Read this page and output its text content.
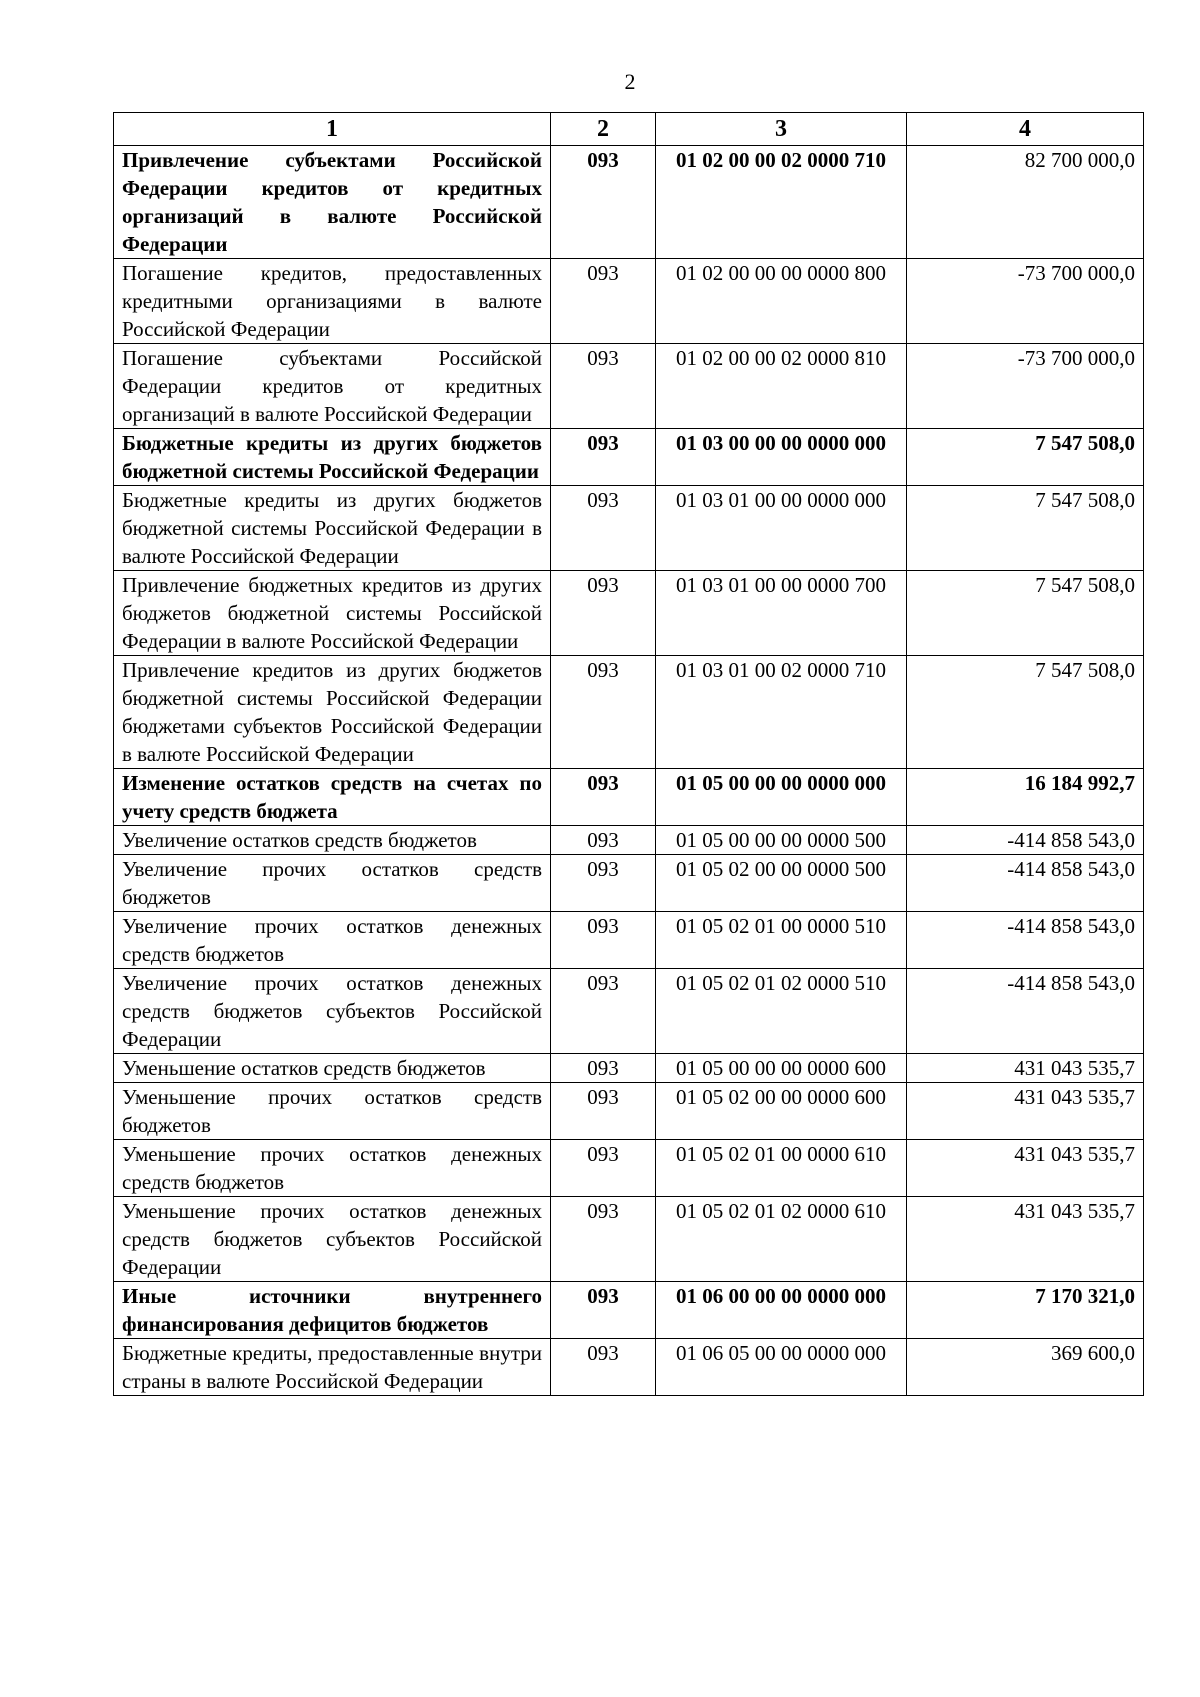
2
1	2	3	4
Привлечение субъектами Российской Федерации кредитов от кредитных организаций в валюте Российской Федерации	093	01 02 00 00 02 0000 710	82 700 000,0
Погашение кредитов, предоставленных кредитными организациями в валюте Российской Федерации	093	01 02 00 00 00 0000 800	-73 700 000,0
Погашение субъектами Российской Федерации кредитов от кредитных организаций в валюте Российской Федерации	093	01 02 00 00 02 0000 810	-73 700 000,0
Бюджетные кредиты из других бюджетов бюджетной системы Российской Федерации	093	01 03 00 00 00 0000 000	7 547 508,0
Бюджетные кредиты из других бюджетов бюджетной системы Российской Федерации в валюте Российской Федерации	093	01 03 01 00 00 0000 000	7 547 508,0
Привлечение бюджетных кредитов из других бюджетов бюджетной системы Российской Федерации в валюте Российской Федерации	093	01 03 01 00 00 0000 700	7 547 508,0
Привлечение кредитов из других бюджетов бюджетной системы Российской Федерации бюджетами субъектов Российской Федерации в валюте Российской Федерации	093	01 03 01 00 02 0000 710	7 547 508,0
Изменение остатков средств на счетах по учету средств бюджета	093	01 05 00 00 00 0000 000	16 184 992,7
Увеличение остатков средств бюджетов	093	01 05 00 00 00 0000 500	-414 858 543,0
Увеличение прочих остатков средств бюджетов	093	01 05 02 00 00 0000 500	-414 858 543,0
Увеличение прочих остатков денежных средств бюджетов	093	01 05 02 01 00 0000 510	-414 858 543,0
Увеличение прочих остатков денежных средств бюджетов субъектов Российской Федерации	093	01 05 02 01 02 0000 510	-414 858 543,0
Уменьшение остатков средств бюджетов	093	01 05 00 00 00 0000 600	431 043 535,7
Уменьшение прочих остатков средств бюджетов	093	01 05 02 00 00 0000 600	431 043 535,7
Уменьшение прочих остатков денежных средств бюджетов	093	01 05 02 01 00 0000 610	431 043 535,7
Уменьшение прочих остатков денежных средств бюджетов субъектов Российской Федерации	093	01 05 02 01 02 0000 610	431 043 535,7
Иные источники внутреннего финансирования дефицитов бюджетов	093	01 06 00 00 00 0000 000	7 170 321,0
Бюджетные кредиты, предоставленные внутри страны в валюте Российской Федерации	093	01 06 05 00 00 0000 000	369 600,0
